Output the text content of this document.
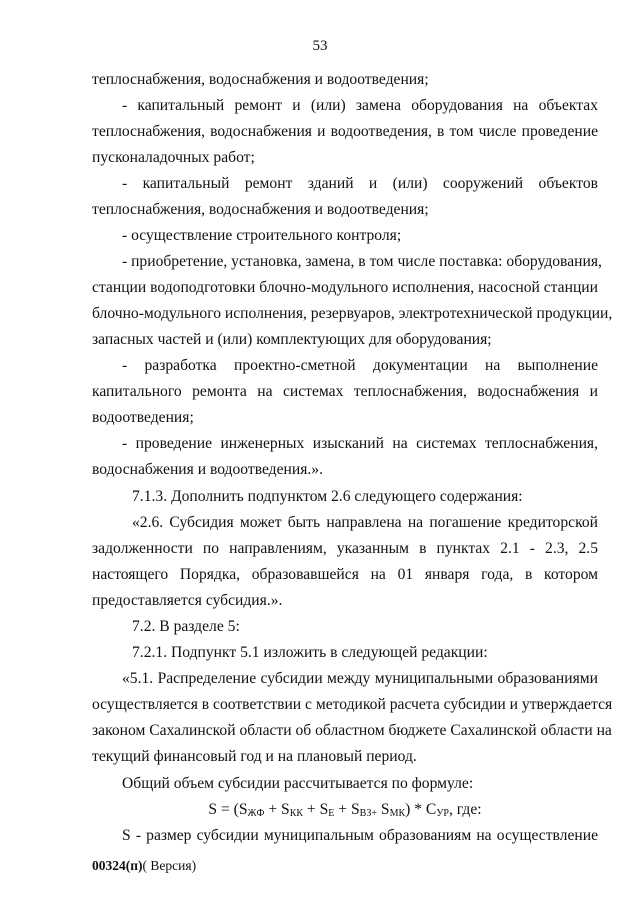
53
теплоснабжения, водоснабжения и водоотведения;
- капитальный ремонт и (или) замена оборудования на объектах
теплоснабжения, водоснабжения и водоотведения, в том числе проведение
пусконаладочных работ;
- капитальный ремонт зданий и (или) сооружений объектов
теплоснабжения, водоснабжения и водоотведения;
- осуществление строительного контроля;
- приобретение, установка, замена, в том числе поставка: оборудования,
станции водоподготовки блочно-модульного исполнения, насосной станции
блочно-модульного исполнения, резервуаров, электротехнической продукции,
запасных частей и (или) комплектующих для оборудования;
- разработка проектно-сметной документации на выполнение
капитального ремонта на системах теплоснабжения, водоснабжения и
водоотведения;
- проведение инженерных изысканий на системах теплоснабжения,
водоснабжения и водоотведения.».
7.1.3. Дополнить подпунктом 2.6 следующего содержания:
«2.6. Субсидия может быть направлена на погашение кредиторской
задолженности по направлениям, указанным в пунктах 2.1 - 2.3, 2.5
настоящего Порядка, образовавшейся на 01 января года, в котором
предоставляется субсидия.».
7.2. В разделе 5:
7.2.1. Подпункт 5.1 изложить в следующей редакции:
«5.1. Распределение субсидии между муниципальными образованиями
осуществляется в соответствии с методикой расчета субсидии и утверждается
законом Сахалинской области об областном бюджете Сахалинской области на
текущий финансовый год и на плановый период.
Общий объем субсидии рассчитывается по формуле:
$S = (S_{ЖФ} + S_{КК} + S_Е + S_{ВЗ+}$ $S_{МК}) * С_{УР}$, где:
S - размер субсидии муниципальным образованиям на осуществление
00324(п)( Версия)
